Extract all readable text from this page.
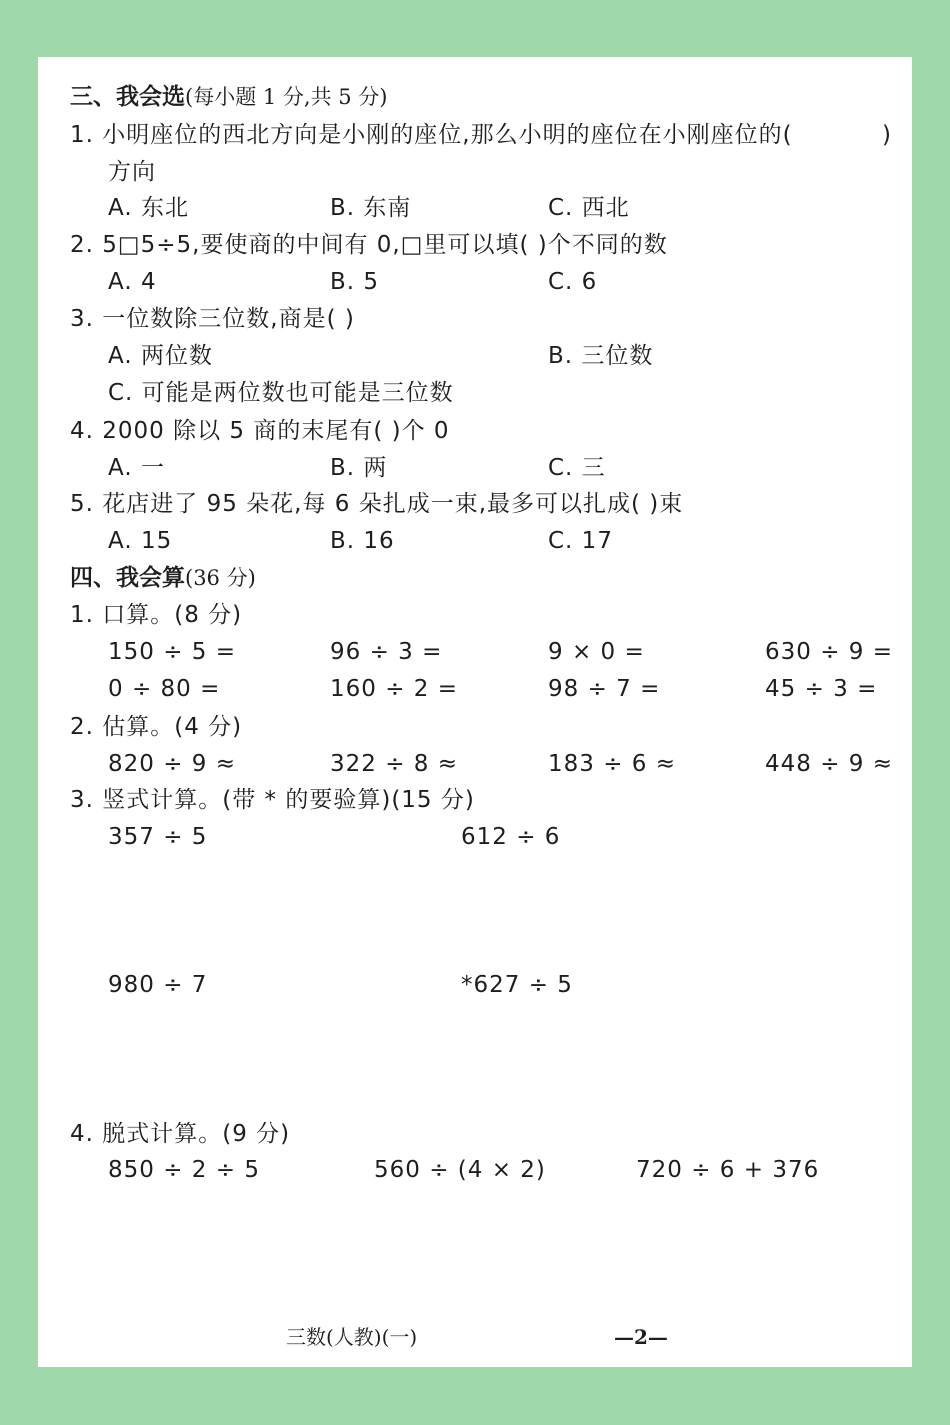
三、我会选(每小题 1 分,共 5 分)
1. 小明座位的西北方向是小刚的座位,那么小明的座位在小刚座位的(	)
方向
A. 东北	B. 东南	C. 西北
2. 5□5÷5,要使商的中间有 0,□里可以填( )个不同的数
A. 4	B. 5	C. 6
3. 一位数除三位数,商是( )
A. 两位数	B. 三位数
C. 可能是两位数也可能是三位数
4. 2000 除以 5 商的末尾有( )个 0
A. 一	B. 两	C. 三
5. 花店进了 95 朵花,每 6 朵扎成一束,最多可以扎成( )束
A. 15	B. 16	C. 17
四、我会算(36 分)
1. 口算。(8 分)
150 ÷ 5 =	96 ÷ 3 =	9 × 0 =	630 ÷ 9 =
0 ÷ 80 =	160 ÷ 2 =	98 ÷ 7 =	45 ÷ 3 =
2. 估算。(4 分)
820 ÷ 9 ≈	322 ÷ 8 ≈	183 ÷ 6 ≈	448 ÷ 9 ≈
3. 竖式计算。(带 * 的要验算)(15 分)
357 ÷ 5	612 ÷ 6
980 ÷ 7	*627 ÷ 5
4. 脱式计算。(9 分)
850 ÷ 2 ÷ 5	560 ÷ (4 × 2)	720 ÷ 6 + 376
三数(人教)(一)	—2—
